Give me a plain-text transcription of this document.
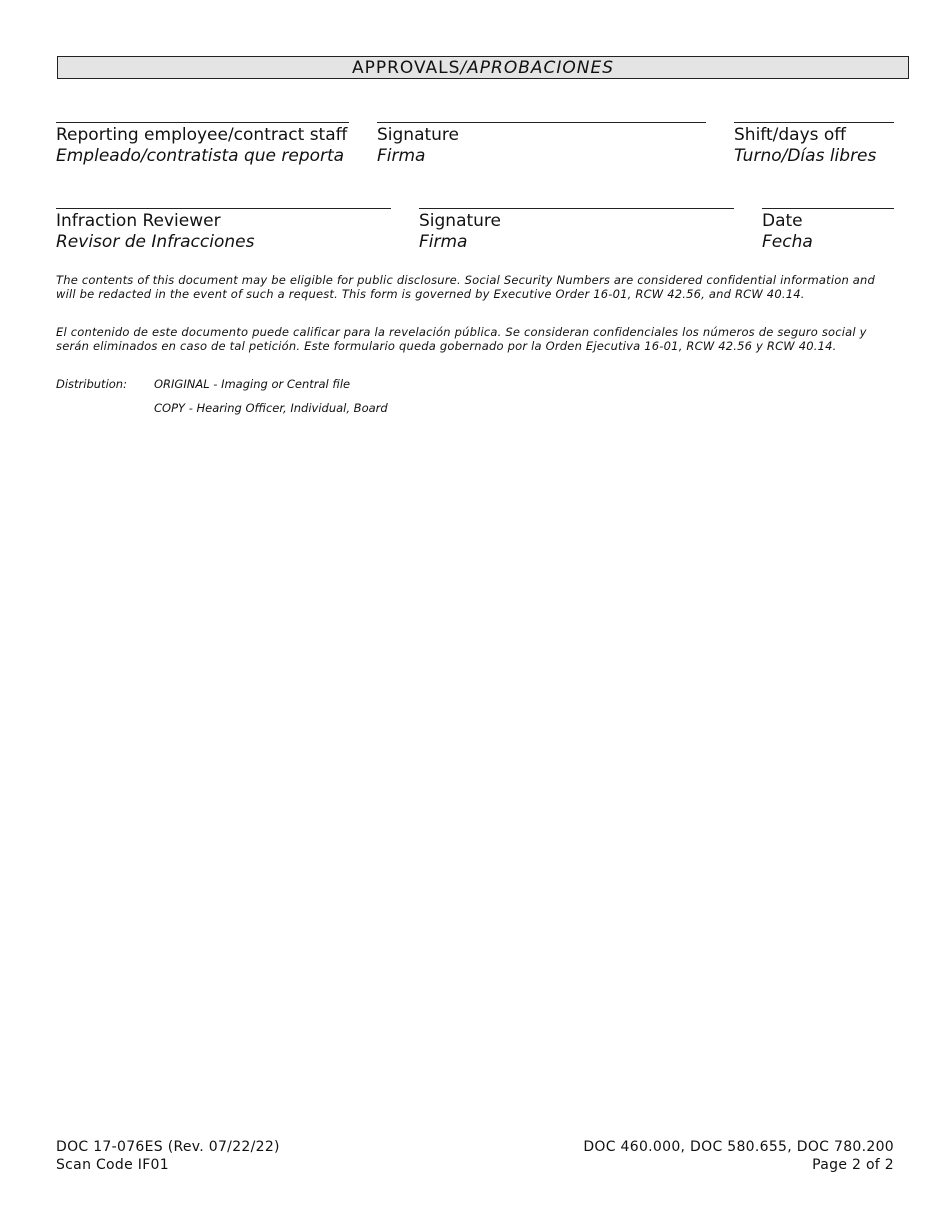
APPROVALS/APROBACIONES
Reporting employee/contract staff
Empleado/contratista que reporta
Signature
Firma
Shift/days off
Turno/Días libres
Infraction Reviewer
Revisor de Infracciones
Signature
Firma
Date
Fecha
The contents of this document may be eligible for public disclosure. Social Security Numbers are considered confidential information and will be redacted in the event of such a request. This form is governed by Executive Order 16-01, RCW 42.56, and RCW 40.14.
El contenido de este documento puede calificar para la revelación pública. Se consideran confidenciales los números de seguro social y serán eliminados en caso de tal petición. Este formulario queda gobernado por la Orden Ejecutiva 16-01, RCW 42.56 y RCW 40.14.
Distribution: ORIGINAL - Imaging or Central file
COPY - Hearing Officer, Individual, Board
DOC 17-076ES (Rev. 07/22/22)
Scan Code IF01
DOC 460.000, DOC 580.655, DOC 780.200
Page 2 of 2
